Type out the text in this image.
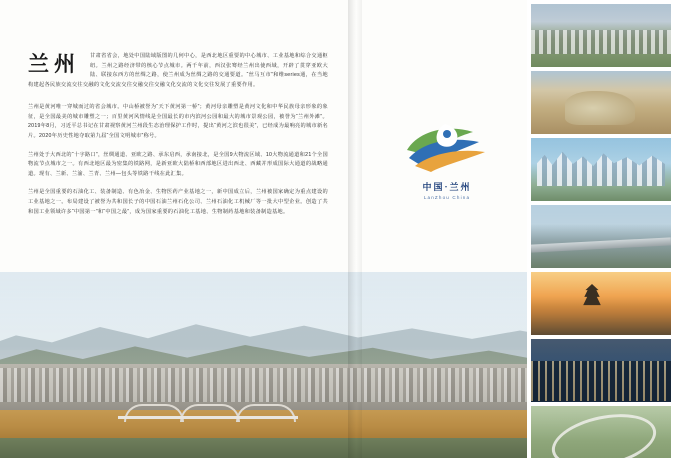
兰州	甘肃省省会，地处中国陆域版图的几何中心，是西北地区重要的中心城市、工业基地和综合交通枢纽。兰州之路经济带的核心节点城市。两千年前，西汉张骞经兰州出使西域，开辟了贯穿亚欧大陆、联接东西方的丝绸之路，使兰州成为丝绸之路的交通要道。“丝马互市”和维series通，在当地构建起各民族交流交往交融的文化交流交往交融交往交融文化交流的文化交往发展了重要作用。

兰州是黄河唯一穿城而过的省会城市。中山桥被誉为“天下黄河第一桥”；黄河母亲雕塑是黄河文化和中华民族母亲形象的象征，是全国最美的城市雕塑之一；百里黄河风情线是全国最长的市内滨河公园和最大的城市景观公园，被誉为“兰州外滩”。2019年8月，习近平总书记在甘肃视察黄河兰州段生态治理保护工作时，提出“黄河之滨也很美”，已经成为最响亮的城市新名片。2020年历史性地夺取第九届“全国文明城市”称号。

兰州处于大西北的“十字路口”，丝绸通道、亚欧之路、承东启西，承南接北，是全国9大物流区域、10大物流通道和21个全国物流节点城市之一。有西北地区最为密集的铁路网，是新亚欧大陆桥和西部地区进出西北、西藏并形成国际大通道的战略通道。现有、兰新、兰渝、兰青、兰州—包头等铁路干线在此汇集。

兰州是全国重要的石油化工、装备制造、有色冶金、生物医药产业基地之一，新中国成立后，兰州被国家确定为重点建设的工业基地之一。布局建设了被誉为共和国长子的中国石油兰州石化公司、兰州石油化工机械厂等一批大中型企业。创造了共和国工业领域许多“中国第一”和“中国之最”，成为国家重要的石油化工基地、生物制药基地和装备制造基地。

中国·兰州
LanZhou China
